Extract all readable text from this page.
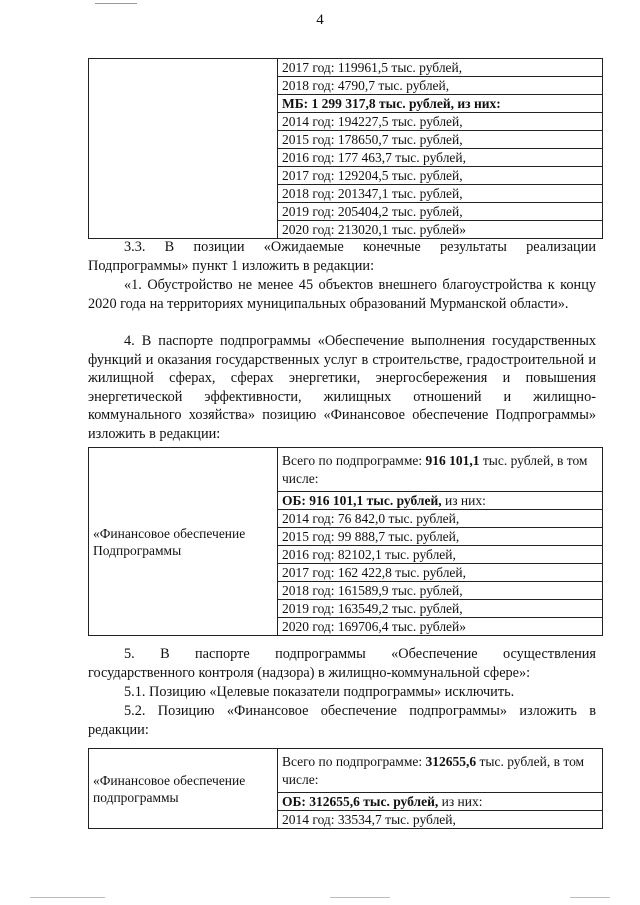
4
	2017 год: 119961,5 тыс. рублей,
2018 год: 4790,7 тыс. рублей,
МБ: 1 299 317,8 тыс. рублей, из них:
2014 год: 194227,5 тыс. рублей,
2015 год: 178650,7 тыс. рублей,
2016 год: 177 463,7 тыс. рублей,
2017 год: 129204,5 тыс. рублей,
2018 год: 201347,1 тыс. рублей,
2019 год: 205404,2 тыс. рублей,
2020 год: 213020,1 тыс. рублей»
3.3. В позиции «Ожидаемые конечные результаты реализации Подпрограммы» пункт 1 изложить в редакции:
«1. Обустройство не менее 45 объектов внешнего благоустройства к концу 2020 года на территориях муниципальных образований Мурманской области».
4. В паспорте подпрограммы «Обеспечение выполнения государственных функций и оказания государственных услуг в строительстве, градостроительной и жилищной сферах, сферах энергетики, энергосбережения и повышения энергетической эффективности, жилищных отношений и жилищно-коммунального хозяйства» позицию «Финансовое обеспечение Подпрограммы» изложить в редакции:
«Финансовое обеспечение Подпрограммы	Всего по подпрограмме: 916 101,1 тыс. рублей, в том числе:
ОБ: 916 101,1 тыс. рублей, из них:
2014 год: 76 842,0 тыс. рублей,
2015 год: 99 888,7 тыс. рублей,
2016 год: 82102,1 тыс. рублей,
2017 год: 162 422,8 тыс. рублей,
2018 год: 161589,9 тыс. рублей,
2019 год: 163549,2 тыс. рублей,
2020 год: 169706,4 тыс. рублей»
5. В паспорте подпрограммы «Обеспечение осуществления государственного контроля (надзора) в жилищно-коммунальной сфере»:
5.1. Позицию «Целевые показатели подпрограммы» исключить.
5.2. Позицию «Финансовое обеспечение подпрограммы» изложить в редакции:
«Финансовое обеспечение подпрограммы	Всего по подпрограмме: 312655,6 тыс. рублей, в том числе:
ОБ: 312655,6 тыс. рублей, из них:
2014 год: 33534,7 тыс. рублей,
